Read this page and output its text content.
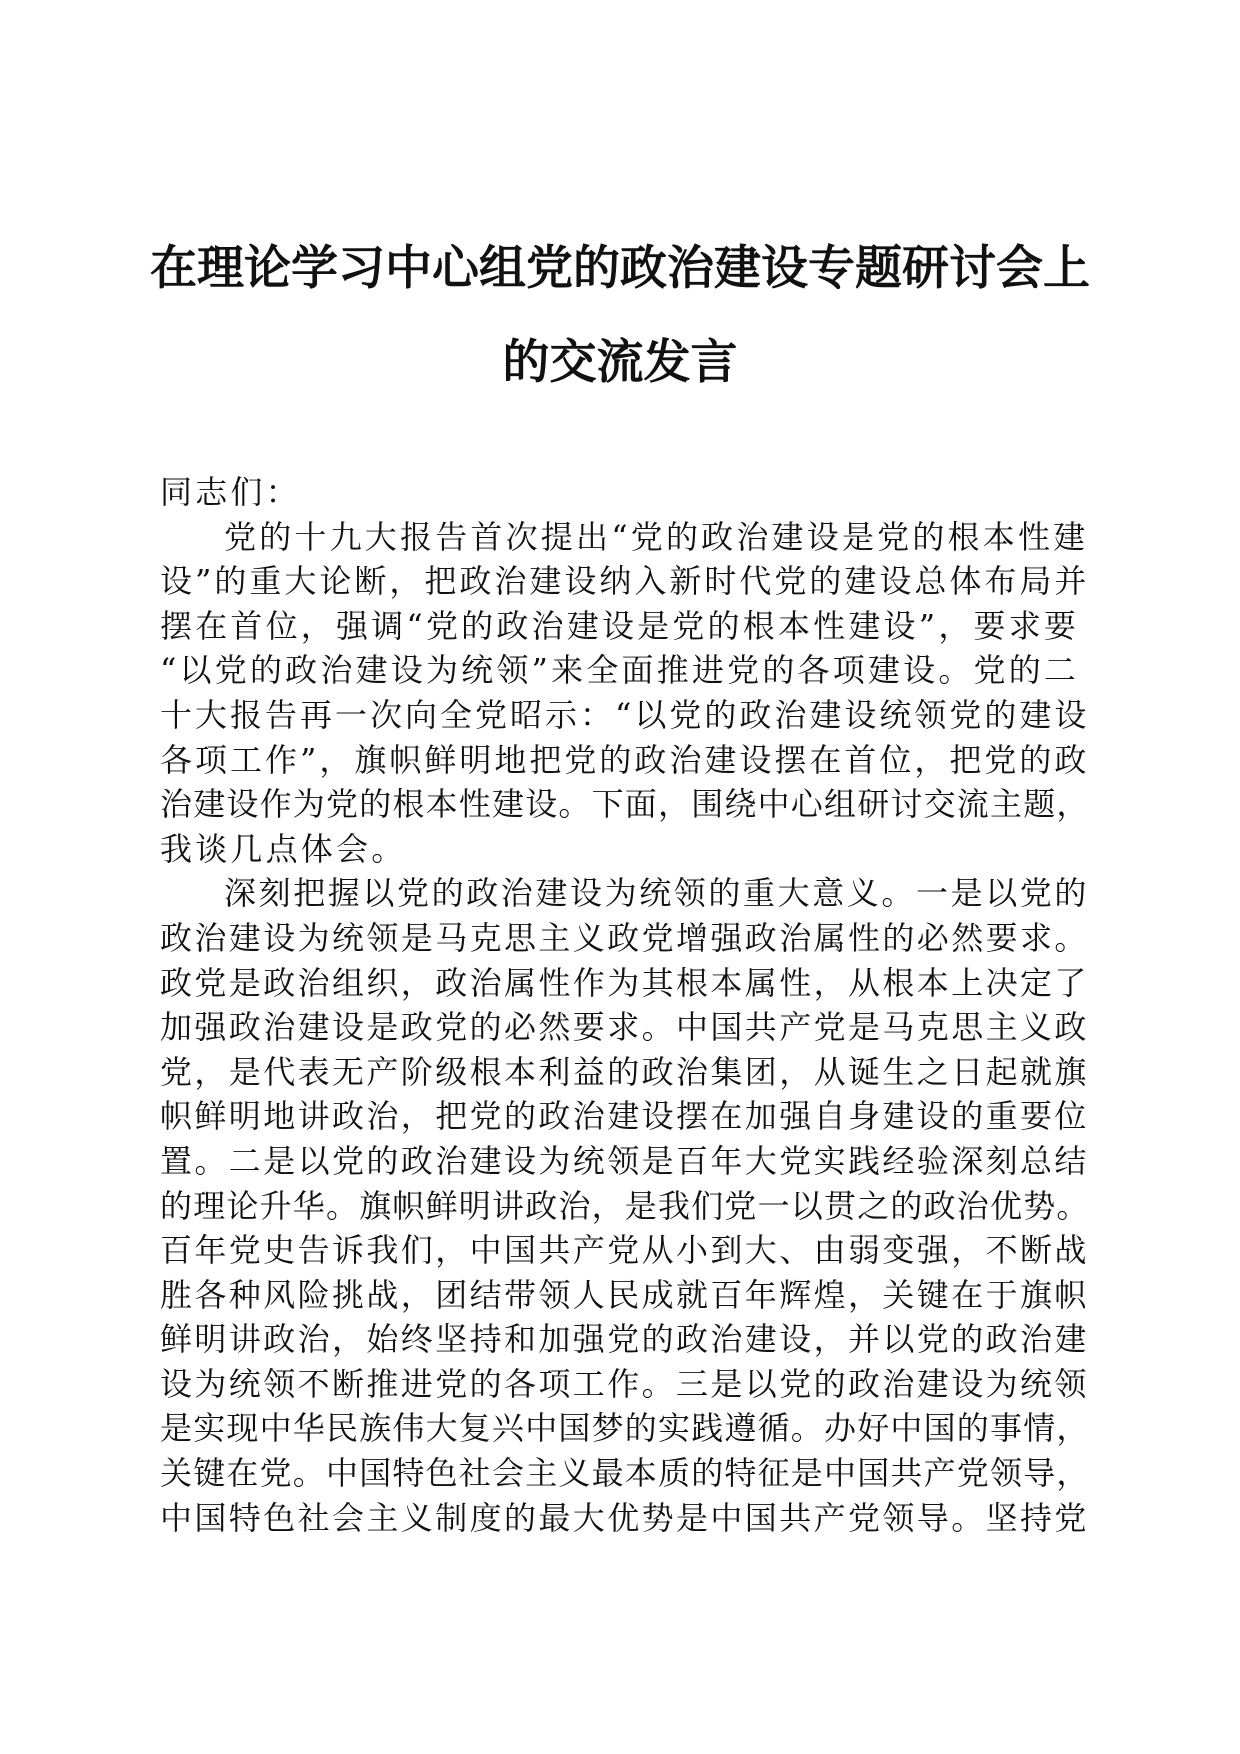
在理论学习中心组党的政治建设专题研讨会上
的交流发言
同志们：
党的十九大报告首次提出“党的政治建设是党的根本性建
设”的重大论断，把政治建设纳入新时代党的建设总体布局并
摆在首位，强调“党的政治建设是党的根本性建设”，要求要
“以党的政治建设为统领”来全面推进党的各项建设。党的二
十大报告再一次向全党昭示：“以党的政治建设统领党的建设
各项工作”，旗帜鲜明地把党的政治建设摆在首位，把党的政
治建设作为党的根本性建设。下面，围绕中心组研讨交流主题，
我谈几点体会。
深刻把握以党的政治建设为统领的重大意义。一是以党的
政治建设为统领是马克思主义政党增强政治属性的必然要求。
政党是政治组织，政治属性作为其根本属性，从根本上决定了
加强政治建设是政党的必然要求。中国共产党是马克思主义政
党，是代表无产阶级根本利益的政治集团，从诞生之日起就旗
帜鲜明地讲政治，把党的政治建设摆在加强自身建设的重要位
置。二是以党的政治建设为统领是百年大党实践经验深刻总结
的理论升华。旗帜鲜明讲政治，是我们党一以贯之的政治优势。
百年党史告诉我们，中国共产党从小到大、由弱变强，不断战
胜各种风险挑战，团结带领人民成就百年辉煌，关键在于旗帜
鲜明讲政治，始终坚持和加强党的政治建设，并以党的政治建
设为统领不断推进党的各项工作。三是以党的政治建设为统领
是实现中华民族伟大复兴中国梦的实践遵循。办好中国的事情，
关键在党。中国特色社会主义最本质的特征是中国共产党领导，
中国特色社会主义制度的最大优势是中国共产党领导。坚持党
